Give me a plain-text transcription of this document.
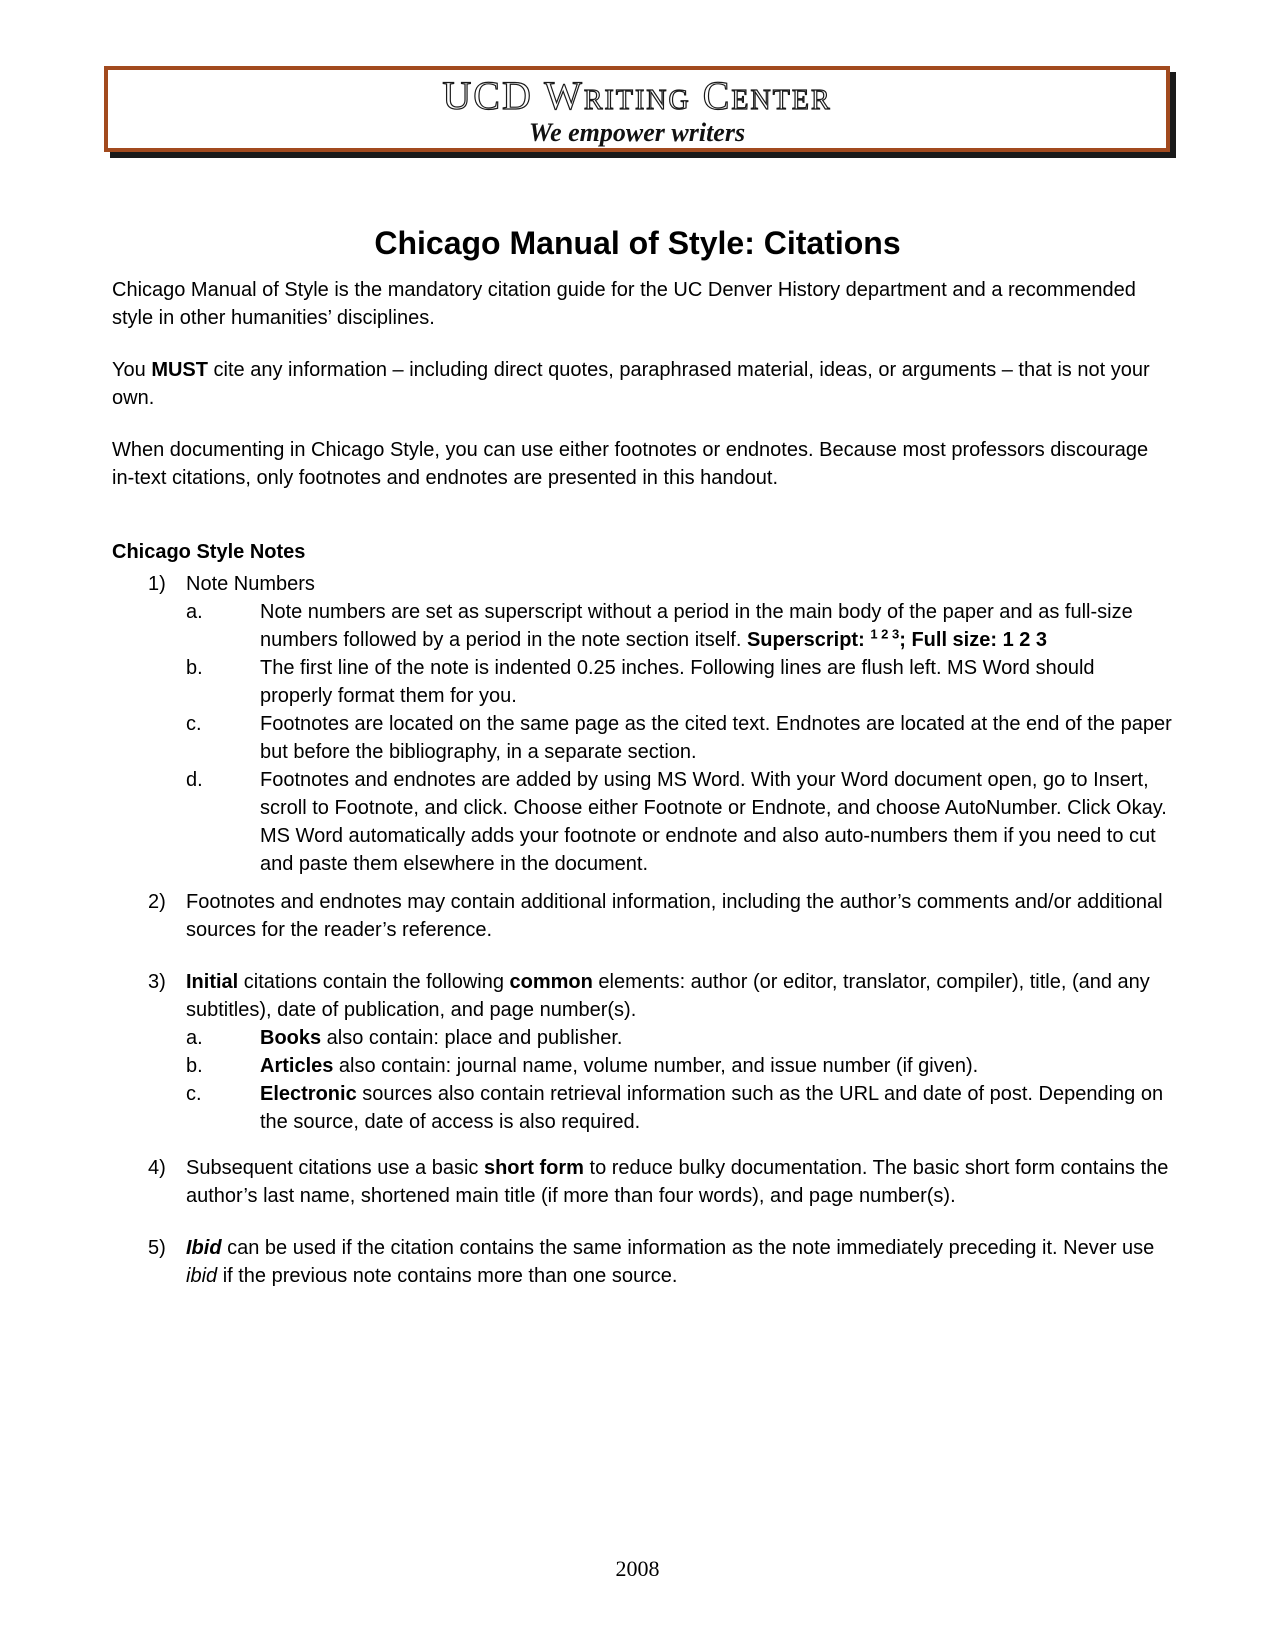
UCD Writing Center
We empower writers
Chicago Manual of Style: Citations
Chicago Manual of Style is the mandatory citation guide for the UC Denver History department and a recommended style in other humanities’ disciplines.
You MUST cite any information – including direct quotes, paraphrased material, ideas, or arguments – that is not your own.
When documenting in Chicago Style, you can use either footnotes or endnotes. Because most professors discourage in-text citations, only footnotes and endnotes are presented in this handout.
Chicago Style Notes
1) Note Numbers
a.	Note numbers are set as superscript without a period in the main body of the paper and as full-size numbers followed by a period in the note section itself. Superscript: $^{1 2 3}$; Full size: 1 2 3
b.	The first line of the note is indented 0.25 inches. Following lines are flush left. MS Word should properly format them for you.
c.	Footnotes are located on the same page as the cited text. Endnotes are located at the end of the paper but before the bibliography, in a separate section.
d.	Footnotes and endnotes are added by using MS Word. With your Word document open, go to Insert, scroll to Footnote, and click. Choose either Footnote or Endnote, and choose AutoNumber. Click Okay. MS Word automatically adds your footnote or endnote and also auto-numbers them if you need to cut and paste them elsewhere in the document.
2) Footnotes and endnotes may contain additional information, including the author’s comments and/or additional sources for the reader’s reference.
3) Initial citations contain the following common elements: author (or editor, translator, compiler), title, (and any subtitles), date of publication, and page number(s).
a.	Books also contain: place and publisher.
b.	Articles also contain: journal name, volume number, and issue number (if given).
c.	Electronic sources also contain retrieval information such as the URL and date of post. Depending on the source, date of access is also required.
4) Subsequent citations use a basic short form to reduce bulky documentation. The basic short form contains the author’s last name, shortened main title (if more than four words), and page number(s).
5) Ibid can be used if the citation contains the same information as the note immediately preceding it. Never use ibid if the previous note contains more than one source.
2008
